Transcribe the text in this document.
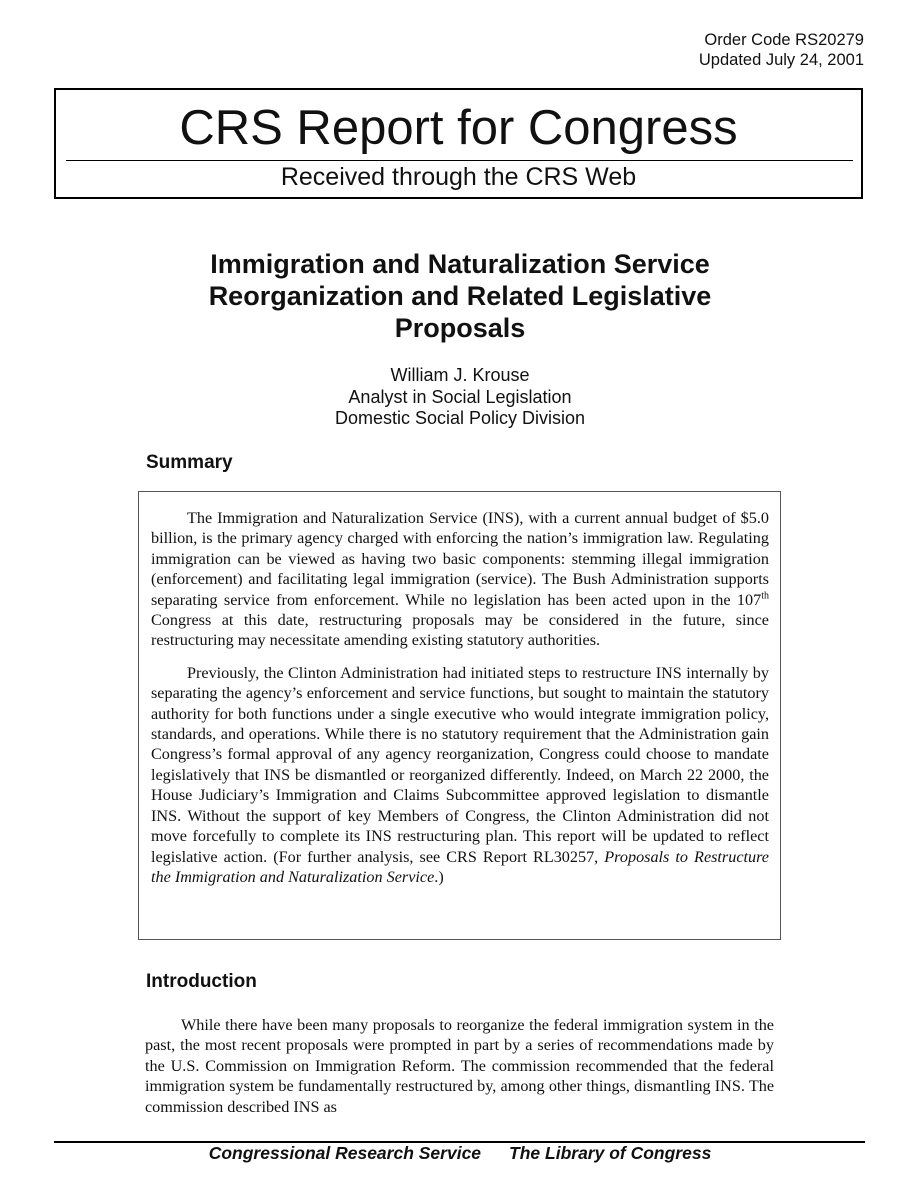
Order Code RS20279
Updated July 24, 2001
CRS Report for Congress
Received through the CRS Web
Immigration and Naturalization Service
Reorganization and Related Legislative
Proposals
William J. Krouse
Analyst in Social Legislation
Domestic Social Policy Division
Summary

The Immigration and Naturalization Service (INS), with a current annual budget of $5.0 billion, is the primary agency charged with enforcing the nation’s immigration law. Regulating immigration can be viewed as having two basic components: stemming illegal immigration (enforcement) and facilitating legal immigration (service). The Bush Administration supports separating service from enforcement. While no legislation has been acted upon in the 107th Congress at this date, restructuring proposals may be considered in the future, since restructuring may necessitate amending existing statutory authorities.

Previously, the Clinton Administration had initiated steps to restructure INS internally by separating the agency’s enforcement and service functions, but sought to maintain the statutory authority for both functions under a single executive who would integrate immigration policy, standards, and operations. While there is no statutory requirement that the Administration gain Congress’s formal approval of any agency reorganization, Congress could choose to mandate legislatively that INS be dismantled or reorganized differently. Indeed, on March 22 2000, the House Judiciary’s Immigration and Claims Subcommittee approved legislation to dismantle INS. Without the support of key Members of Congress, the Clinton Administration did not move forcefully to complete its INS restructuring plan. This report will be updated to reflect legislative action. (For further analysis, see CRS Report RL30257, Proposals to Restructure the Immigration and Naturalization Service.)

Introduction

While there have been many proposals to reorganize the federal immigration system in the past, the most recent proposals were prompted in part by a series of recommendations made by the U.S. Commission on Immigration Reform. The commission recommended that the federal immigration system be fundamentally restructured by, among other things, dismantling INS. The commission described INS as

Congressional Research Service The Library of Congress
